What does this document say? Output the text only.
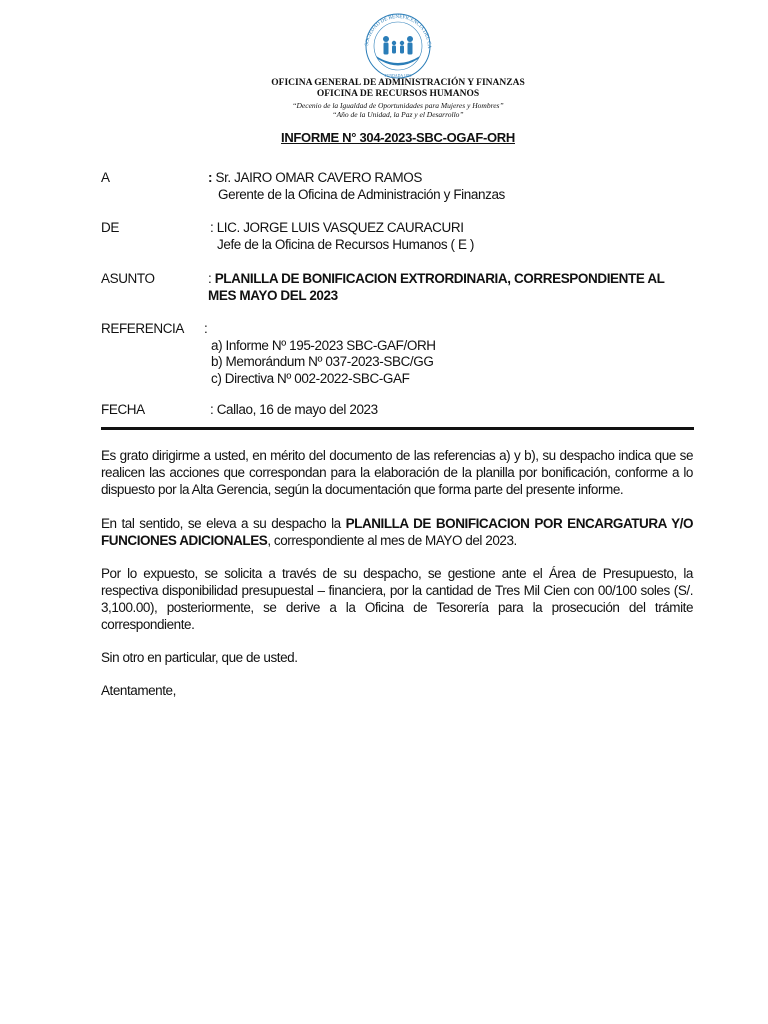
SOCIEDAD DE BENEFICENCIA DEL CA
FUNDADA 1850
OFICINA GENERAL DE ADMINISTRACIÓN Y FINANZAS
OFICINA DE RECURSOS HUMANOS
“Decenio de la Igualdad de Oportunidades para Mujeres y Hombres”
“Año de la Unidad, la Paz y el Desarrollo”
INFORME N° 304-2023-SBC-OGAF-ORH
A	: Sr. JAIRO OMAR CAVERO RAMOS
Gerente de la Oficina de Administración y Finanzas
DE	: LIC. JORGE LUIS VASQUEZ CAURACURI
Jefe de la Oficina de Recursos Humanos ( E )
ASUNTO	: PLANILLA DE BONIFICACION EXTRORDINARIA, CORRESPONDIENTE AL
MES MAYO DEL 2023
REFERENCIA :
a) Informe Nº 195-2023 SBC-GAF/ORH
b) Memorándum Nº 037-2023-SBC/GG
c) Directiva Nº 002-2022-SBC-GAF
FECHA	: Callao, 16 de mayo del 2023

Es grato dirigirme a usted, en mérito del documento de las referencias a) y b), su despacho indica que se realicen las acciones que correspondan para la elaboración de la planilla por bonificación, conforme a lo dispuesto por la Alta Gerencia, según la documentación que forma parte del presente informe.

En tal sentido, se eleva a su despacho la PLANILLA DE BONIFICACION POR ENCARGATURA Y/O FUNCIONES ADICIONALES, correspondiente al mes de MAYO del 2023.

Por lo expuesto, se solicita a través de su despacho, se gestione ante el Área de Presupuesto, la respectiva disponibilidad presupuestal – financiera, por la cantidad de Tres Mil Cien con 00/100 soles (S/. 3,100.00), posteriormente, se derive a la Oficina de Tesorería para la prosecución del trámite correspondiente.

Sin otro en particular, que de usted.

Atentamente,
